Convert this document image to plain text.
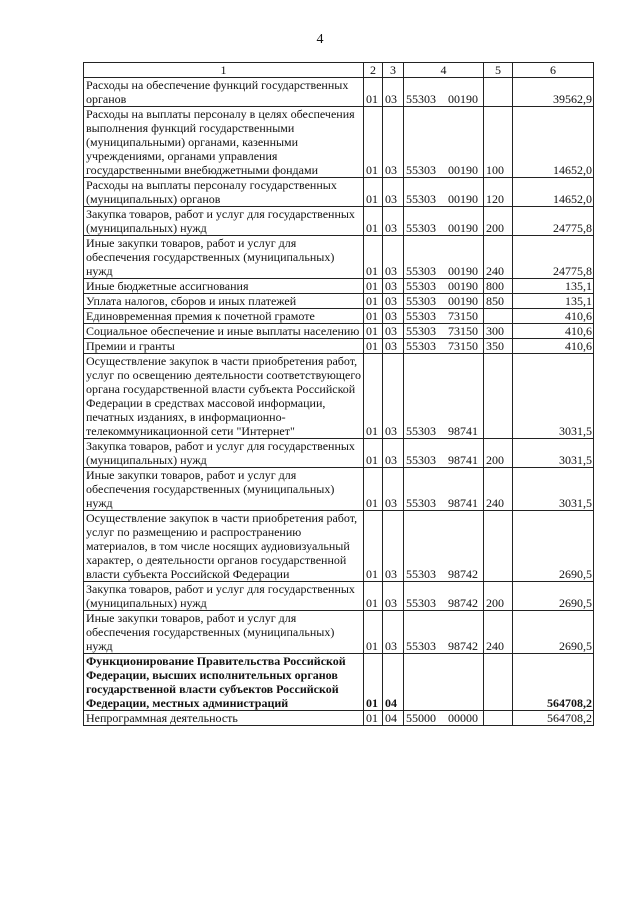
4
1	2	3	4	5	6
Расходы на обеспечение функций государственных органов	01	03	55303 00190		39562,9
Расходы на выплаты персоналу в целях обеспечения выполнения функций государственными (муниципальными) органами, казенными учреждениями, органами управления государственными внебюджетными фондами	01	03	55303 00190	100	14652,0
Расходы на выплаты персоналу государственных (муниципальных) органов	01	03	55303 00190	120	14652,0
Закупка товаров, работ и услуг для государственных (муниципальных) нужд	01	03	55303 00190	200	24775,8
Иные закупки товаров, работ и услуг для обеспечения государственных (муниципальных) нужд	01	03	55303 00190	240	24775,8
Иные бюджетные ассигнования	01	03	55303 00190	800	135,1
Уплата налогов, сборов и иных платежей	01	03	55303 00190	850	135,1
Единовременная премия к почетной грамоте	01	03	55303 73150		410,6
Социальное обеспечение и иные выплаты населению	01	03	55303 73150	300	410,6
Премии и гранты	01	03	55303 73150	350	410,6
Осуществление закупок в части приобретения работ, услуг по освещению деятельности соответствующего органа государственной власти субъекта Российской Федерации в средствах массовой информации, печатных изданиях, в информационно-телекоммуникационной сети "Интернет"	01	03	55303 98741		3031,5
Закупка товаров, работ и услуг для государственных (муниципальных) нужд	01	03	55303 98741	200	3031,5
Иные закупки товаров, работ и услуг для обеспечения государственных (муниципальных) нужд	01	03	55303 98741	240	3031,5
Осуществление закупок в части приобретения работ, услуг по размещению и распространению материалов, в том числе носящих аудиовизуальный характер, о деятельности органов государственной власти субъекта Российской Федерации	01	03	55303 98742		2690,5
Закупка товаров, работ и услуг для государственных (муниципальных) нужд	01	03	55303 98742	200	2690,5
Иные закупки товаров, работ и услуг для обеспечения государственных (муниципальных) нужд	01	03	55303 98742	240	2690,5
Функционирование Правительства Российской Федерации, высших исполнительных органов государственной власти субъектов Российской Федерации, местных администраций	01	04			564708,2
Непрограммная деятельность	01	04	55000 00000		564708,2
